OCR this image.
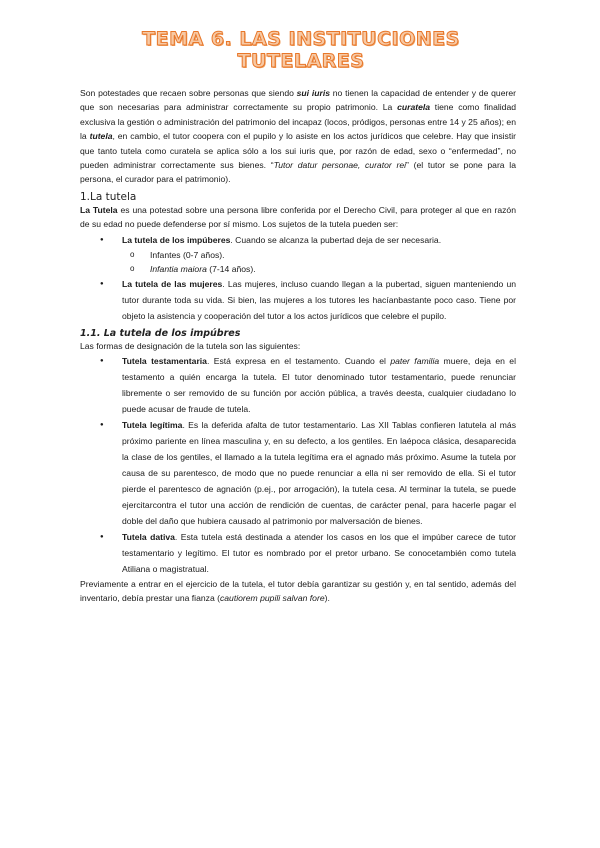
TEMA 6. LAS INSTITUCIONES TUTELARES

Son potestades que recaen sobre personas que siendo sui iuris no tienen la capacidad de entender y de querer que son necesarias para administrar correctamente su propio patrimonio. La curatela tiene como finalidad exclusiva la gestión o administración del patrimonio del incapaz (locos, pródigos, personas entre 14 y 25 años); en la tutela, en cambio, el tutor coopera con el pupilo y lo asiste en los actos jurídicos que celebre. Hay que insistir que tanto tutela como curatela se aplica sólo a los sui iuris que, por razón de edad, sexo o “enfermedad”, no pueden administrar correctamente sus bienes. “Tutor datur personae, curator rei” (el tutor se pone para la persona, el curador para el patrimonio).

1.La tutela

La Tutela es una potestad sobre una persona libre conferida por el Derecho Civil, para proteger al que en razón de su edad no puede defenderse por sí mismo. Los sujetos de la tutela pueden ser:

● La tutela de los impúberes. Cuando se alcanza la pubertad deja de ser necesaria.
o Infantes (0-7 años).
o Infantia maiora (7-14 años).
● La tutela de las mujeres. Las mujeres, incluso cuando llegan a la pubertad, siguen manteniendo un tutor durante toda su vida. Si bien, las mujeres a los tutores les hacíanbastante poco caso. Tiene por objeto la asistencia y cooperación del tutor a los actos jurídicos que celebre el pupilo.
1.1. La tutela de los impúbres

Las formas de designación de la tutela son las siguientes:

● Tutela testamentaria. Está expresa en el testamento. Cuando el pater familia muere, deja en el testamento a quién encarga la tutela. El tutor denominado tutor testamentario, puede renunciar libremente o ser removido de su función por acción pública, a través deesta, cualquier ciudadano lo puede acusar de fraude de tutela.
● Tutela legítima. Es la deferida afalta de tutor testamentario. Las XII Tablas confieren latutela al más próximo pariente en línea masculina y, en su defecto, a los gentiles. En laépoca clásica, desaparecida la clase de los gentiles, el llamado a la tutela legítima era el agnado más próximo. Asume la tutela por causa de su parentesco, de modo que no puede renunciar a ella ni ser removido de ella. Si el tutor pierde el parentesco de agnación (p.ej., por arrogación), la tutela cesa. Al terminar la tutela, se puede ejercitarcontra el tutor una acción de rendición de cuentas, de carácter penal, para hacerle pagar el doble del daño que hubiera causado al patrimonio por malversación de bienes.
● Tutela dativa. Esta tutela está destinada a atender los casos en los que el impúber carece de tutor testamentario y legítimo. El tutor es nombrado por el pretor urbano. Se conocetambién como tutela Atiliana o magistratual.

Previamente a entrar en el ejercicio de la tutela, el tutor debía garantizar su gestión y, en tal sentido, además del inventario, debía prestar una fianza (cautiorem pupili salvan fore).
